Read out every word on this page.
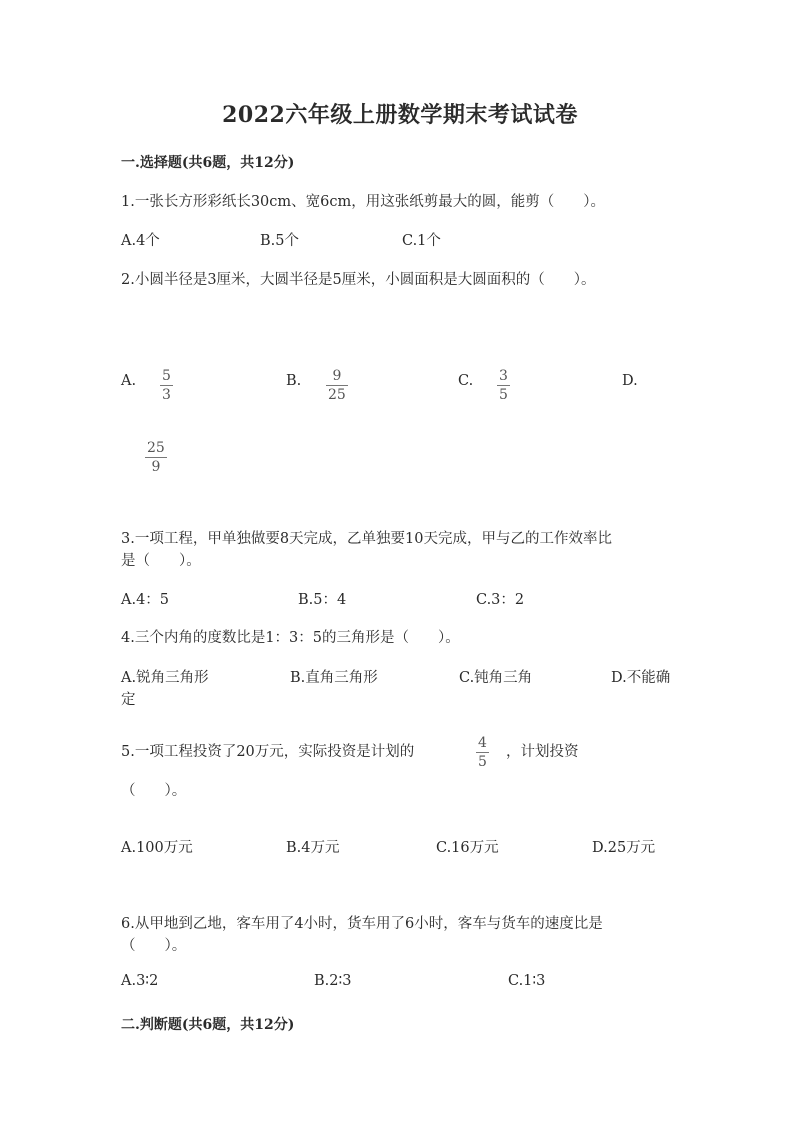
2022六年级上册数学期末考试试卷
一.选择题(共6题，共12分)
1.一张长方形彩纸长30cm、宽6cm，用这张纸剪最大的圆，能剪（　　）。
A.4个	B.5个	C.1个
2.小圆半径是3厘米，大圆半径是5厘米，小圆面积是大圆面积的（　　）。
A. 5
3
B. 9
25
C. 3
5
D.
25
9
3.一项工程，甲单独做要8天完成，乙单独要10天完成，甲与乙的工作效率比
是（　　）。
A.4：5	B.5：4	C.3：2
4.三个内角的度数比是1：3：5的三角形是（　　）。
A.锐角三角形	B.直角三角形	C.钝角三角	D.不能确
定
5.一项工程投资了20万元，实际投资是计划的
4
5
，计划投资
（　　）。
A.100万元	B.4万元	C.16万元	D.25万元
6.从甲地到乙地，客车用了4小时，货车用了6小时，客车与货车的速度比是
（　　）。
A.3∶2	B.2∶3	C.1∶3
二.判断题(共6题，共12分)
